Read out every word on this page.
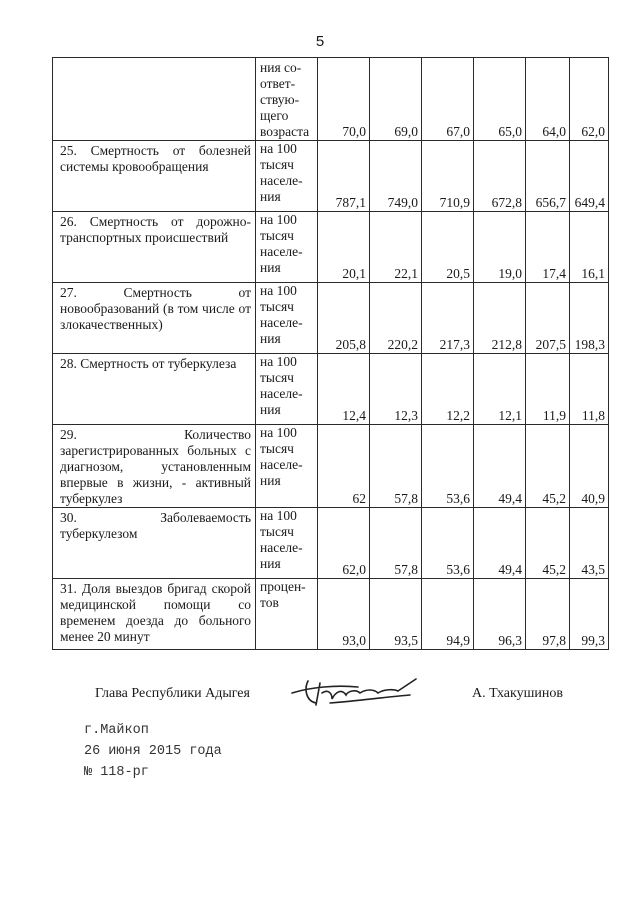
5
	ния со-
ответ-
ствую-
щего
возраста	70,0	69,0	67,0	65,0	64,0	62,0
25. Смертность от болезней системы кровообращения	на 100
тысяч
населе-
ния	787,1	749,0	710,9	672,8	656,7	649,4
26. Смертность от дорожно-транспортных происшествий	на 100
тысяч
населе-
ния	20,1	22,1	20,5	19,0	17,4	16,1
27. Смертность от новообразований (в том числе от злокачественных)	на 100
тысяч
населе-
ния	205,8	220,2	217,3	212,8	207,5	198,3
28. Смертность от туберкулеза	на 100
тысяч
населе-
ния	12,4	12,3	12,2	12,1	11,9	11,8
29. Количество зарегистрированных больных с диагнозом, установленным впервые в жизни, - активный туберкулез	на 100
тысяч
населе-
ния	62	57,8	53,6	49,4	45,2	40,9
30. Заболеваемость туберкулезом	на 100
тысяч
населе-
ния	62,0	57,8	53,6	49,4	45,2	43,5
31. Доля выездов бригад скорой медицинской помощи со временем доезда до больного менее 20 минут	процен-
тов	93,0	93,5	94,9	96,3	97,8	99,3
Глава Республики Адыгея	А. Тхакушинов
г.Майкоп
26 июня 2015 года
№ 118-рг
